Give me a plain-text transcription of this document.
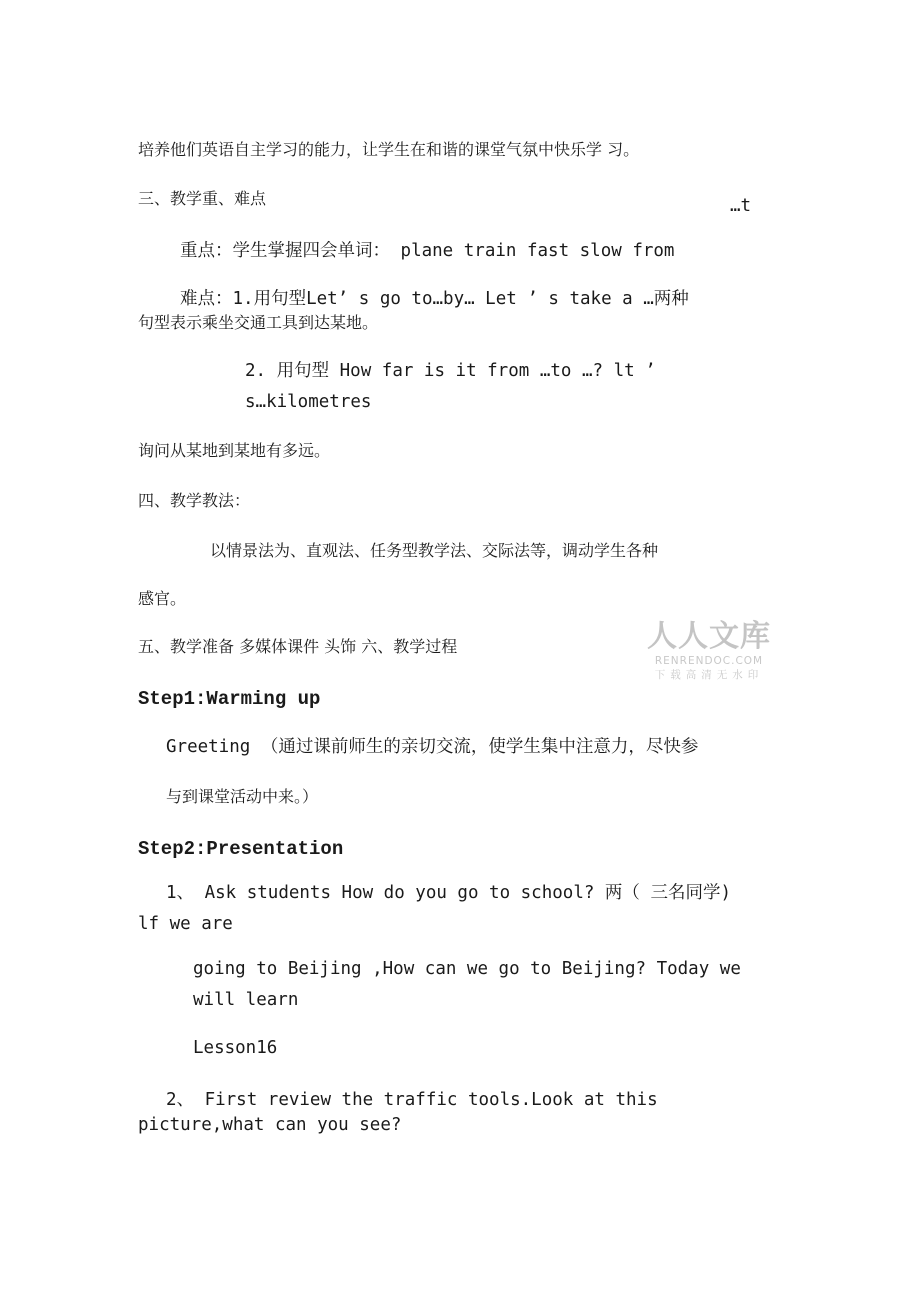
培养他们英语自主学习的能力，让学生在和谐的课堂气氛中快乐学 习。
三、教学重、难点	…t
重点：学生掌握四会单词： plane train fast slow from
难点：1.用句型Let’ s go to…by… Let ’ s take a …两种
句型表示乘坐交通工具到达某地。
2. 用句型 How far is it from …to …? lt ’
s…kilometres
询问从某地到某地有多远。
四、教学教法：
以情景法为、直观法、任务型教学法、交际法等，调动学生各种
感官。
五、教学准备 多媒体课件 头饰 六、教学过程
Step1:Warming up
Greeting （通过课前师生的亲切交流，使学生集中注意力，尽快参
与到课堂活动中来。）
Step2:Presentation
1、 Ask students How do you go to school? 两（ 三名同学)
lf we are
going to Beijing ,How can we go to Beijing? Today we
will learn
Lesson16
2、 First review the traffic tools.Look at this
picture,what can you see?
人人文库
RENRENDOC.COM
下载高清无水印
